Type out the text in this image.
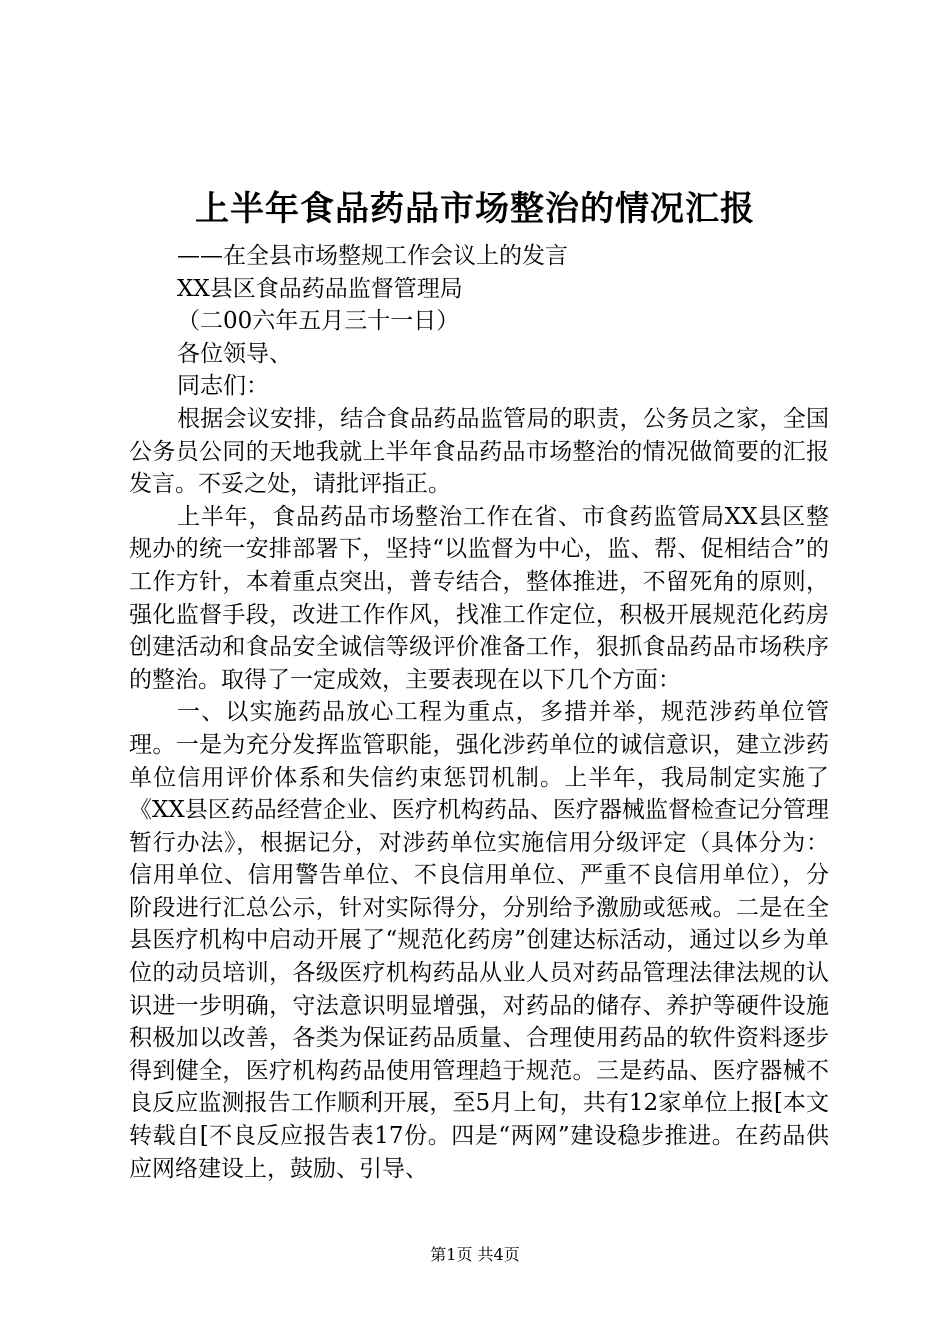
上半年食品药品市场整治的情况汇报

——在全县市场整规工作会议上的发言

XX县区食品药品监督管理局

（二00六年五月三十一日）

各位领导、

同志们：

根据会议安排，结合食品药品监管局的职责，公务员之家，全国公务员公同的天地我就上半年食品药品市场整治的情况做简要的汇报发言。不妥之处，请批评指正。

上半年，食品药品市场整治工作在省、市食药监管局XX县区整规办的统一安排部署下，坚持“以监督为中心，监、帮、促相结合”的工作方针，本着重点突出，普专结合，整体推进，不留死角的原则，强化监督手段，改进工作作风，找准工作定位，积极开展规范化药房创建活动和食品安全诚信等级评价准备工作，狠抓食品药品市场秩序的整治。取得了一定成效，主要表现在以下几个方面：

一、以实施药品放心工程为重点，多措并举，规范涉药单位管理。一是为充分发挥监管职能，强化涉药单位的诚信意识，建立涉药单位信用评价体系和失信约束惩罚机制。上半年，我局制定实施了《XX县区药品经营企业、医疗机构药品、医疗器械监督检查记分管理暂行办法》，根据记分，对涉药单位实施信用分级评定（具体分为：信用单位、信用警告单位、不良信用单位、严重不良信用单位），分阶段进行汇总公示，针对实际得分，分别给予激励或惩戒。二是在全县医疗机构中启动开展了“规范化药房”创建达标活动，通过以乡为单位的动员培训，各级医疗机构药品从业人员对药品管理法律法规的认识进一步明确，守法意识明显增强，对药品的储存、养护等硬件设施积极加以改善，各类为保证药品质量、合理使用药品的软件资料逐步得到健全，医疗机构药品使用管理趋于规范。三是药品、医疗器械不良反应监测报告工作顺利开展，至5月上旬，共有12家单位上报[本文转载自[不良反应报告表17份。四是“两网”建设稳步推进。在药品供应网络建设上，鼓励、引导、

第1页 共4页
